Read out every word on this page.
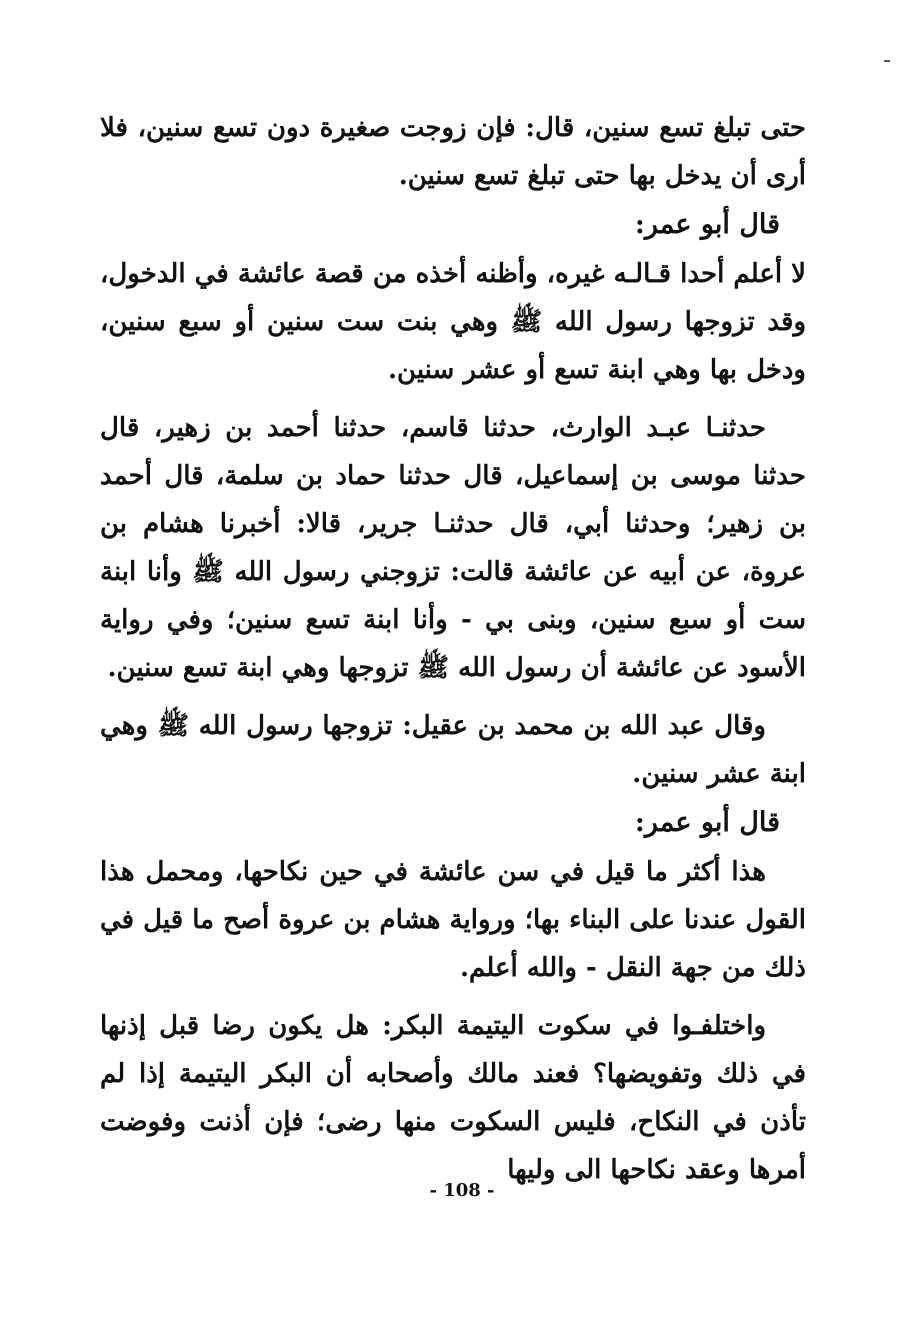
حتى تبلغ تسع سنين، قال: فإن زوجت صغيرة دون تسع سنين، فلا أرى أن يدخل بها حتى تبلغ تسع سنين.

قال أبو عمر:

لا أعلم أحدا قـالـه غيره، وأظنه أخذه من قصة عائشة في الدخول، وقد تزوجها رسول الله ﷺ وهي بنت ست سنين أو سبع سنين، ودخل بها وهي ابنة تسع أو عشر سنين.

حدثنـا عبـد الوارث، حدثنا قاسم، حدثنا أحمد بن زهير، قال حدثنا موسى بن إسماعيل، قال حدثنا حماد بن سلمة، قال أحمد بن زهير؛ وحدثنا أبي، قال حدثنـا جرير، قالا: أخبرنا هشام بن عروة، عن أبيه عن عائشة قالت: تزوجني رسول الله ﷺ وأنا ابنة ست أو سبع سنين، وبنى بي - وأنا ابنة تسع سنين؛ وفي رواية الأسود عن عائشة أن رسول الله ﷺ تزوجها وهي ابنة تسع سنين.

وقال عبد الله بن محمد بن عقيل: تزوجها رسول الله ﷺ وهي ابنة عشر سنين.

قال أبو عمر:

هذا أكثر ما قيل في سن عائشة في حين نكاحها، ومحمل هذا القول عندنا على البناء بها؛ ورواية هشام بن عروة أصح ما قيل في ذلك من جهة النقل - والله أعلم.

واختلفـوا في سكوت اليتيمة البكر: هل يكون رضا قبل إذنها في ذلك وتفويضها؟ فعند مالك وأصحابه أن البكر اليتيمة إذا لم تأذن في النكاح، فليس السكوت منها رضى؛ فإن أذنت وفوضت أمرها وعقد نكاحها الى وليها

- 108 -
